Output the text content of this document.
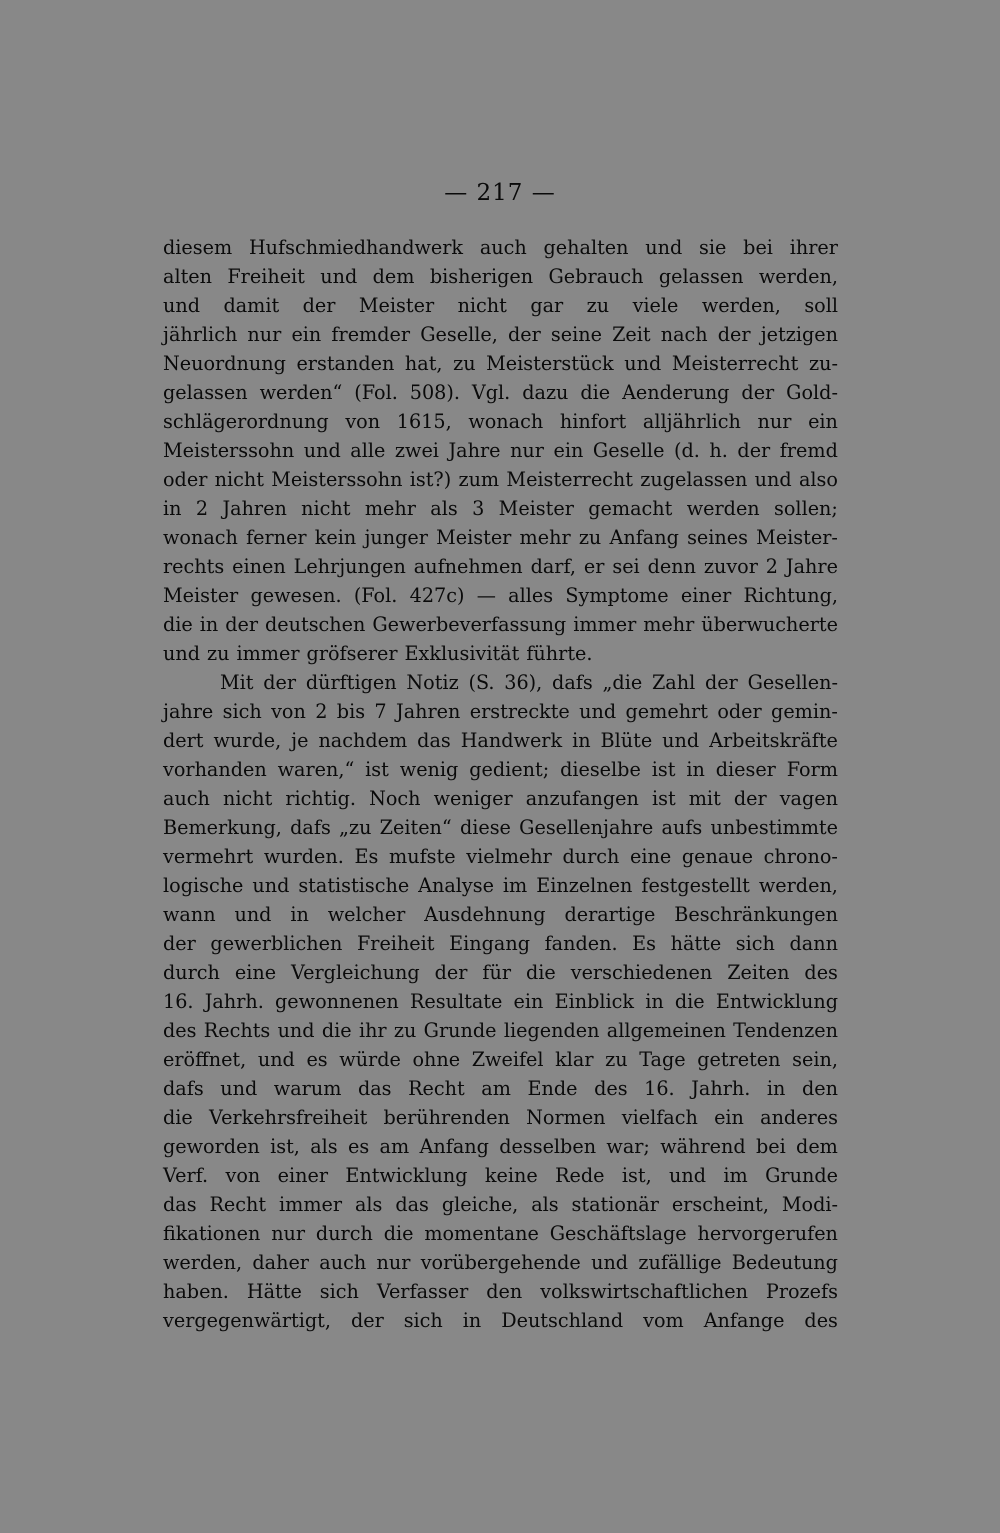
— 217 —
diesem Hufschmiedhandwerk auch gehalten und sie bei ihrer
alten Freiheit und dem bisherigen Gebrauch gelassen werden,
und damit der Meister nicht gar zu viele werden, soll
jährlich nur ein fremder Geselle, der seine Zeit nach der jetzigen
Neuordnung erstanden hat, zu Meisterstück und Meisterrecht zu-
gelassen werden“ (Fol. 508). Vgl. dazu die Aenderung der Gold-
schlägerordnung von 1615, wonach hinfort alljährlich nur ein
Meisterssohn und alle zwei Jahre nur ein Geselle (d. h. der fremd
oder nicht Meisterssohn ist?) zum Meisterrecht zugelassen und also
in 2 Jahren nicht mehr als 3 Meister gemacht werden sollen;
wonach ferner kein junger Meister mehr zu Anfang seines Meister-
rechts einen Lehrjungen aufnehmen darf, er sei denn zuvor 2 Jahre
Meister gewesen. (Fol. 427c) — alles Symptome einer Richtung,
die in der deutschen Gewerbeverfassung immer mehr überwucherte
und zu immer gröfserer Exklusivität führte.
Mit der dürftigen Notiz (S. 36), dafs „die Zahl der Gesellen-
jahre sich von 2 bis 7 Jahren erstreckte und gemehrt oder gemin-
dert wurde, je nachdem das Handwerk in Blüte und Arbeitskräfte
vorhanden waren,“ ist wenig gedient; dieselbe ist in dieser Form
auch nicht richtig. Noch weniger anzufangen ist mit der vagen
Bemerkung, dafs „zu Zeiten“ diese Gesellenjahre aufs unbestimmte
vermehrt wurden. Es mufste vielmehr durch eine genaue chrono-
logische und statistische Analyse im Einzelnen festgestellt werden,
wann und in welcher Ausdehnung derartige Beschränkungen
der gewerblichen Freiheit Eingang fanden. Es hätte sich dann
durch eine Vergleichung der für die verschiedenen Zeiten des
16. Jahrh. gewonnenen Resultate ein Einblick in die Entwicklung
des Rechts und die ihr zu Grunde liegenden allgemeinen Tendenzen
eröffnet, und es würde ohne Zweifel klar zu Tage getreten sein,
dafs und warum das Recht am Ende des 16. Jahrh. in den
die Verkehrsfreiheit berührenden Normen vielfach ein anderes
geworden ist, als es am Anfang desselben war; während bei dem
Verf. von einer Entwicklung keine Rede ist, und im Grunde
das Recht immer als das gleiche, als stationär erscheint, Modi-
fikationen nur durch die momentane Geschäftslage hervorgerufen
werden, daher auch nur vorübergehende und zufällige Bedeutung
haben. Hätte sich Verfasser den volkswirtschaftlichen Prozefs
vergegenwärtigt, der sich in Deutschland vom Anfange des
